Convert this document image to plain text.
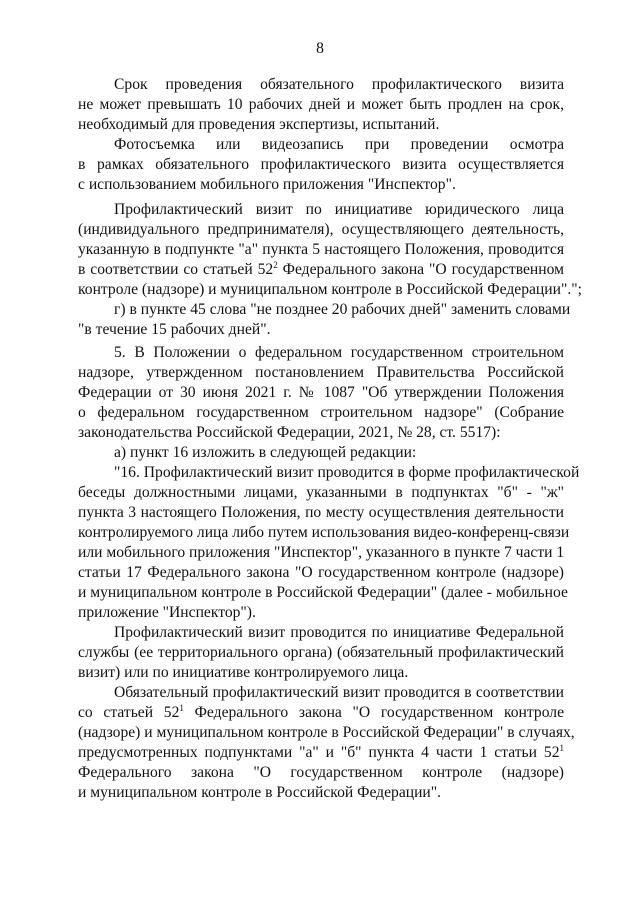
8
Срок проведения обязательного профилактического визита
не может превышать 10 рабочих дней и может быть продлен на срок,
необходимый для проведения экспертизы, испытаний.
Фотосъемка или видеозапись при проведении осмотра
в рамках обязательного профилактического визита осуществляется
с использованием мобильного приложения "Инспектор".
Профилактический визит по инициативе юридического лица
(индивидуального предпринимателя), осуществляющего деятельность,
указанную в подпункте "а" пункта 5 настоящего Положения, проводится
в соответствии со статьей $52^2$ Федерального закона "О государственном
контроле (надзоре) и муниципальном контроле в Российской Федерации".";
г) в пункте 45 слова "не позднее 20 рабочих дней" заменить словами
"в течение 15 рабочих дней".
5. В Положении о федеральном государственном строительном
надзоре, утвержденном постановлением Правительства Российской
Федерации от 30 июня 2021 г. № 1087 "Об утверждении Положения
о федеральном государственном строительном надзоре" (Собрание
законодательства Российской Федерации, 2021, № 28, ст. 5517):
а) пункт 16 изложить в следующей редакции:
"16. Профилактический визит проводится в форме профилактической
беседы должностными лицами, указанными в подпунктах "б" - "ж"
пункта 3 настоящего Положения, по месту осуществления деятельности
контролируемого лица либо путем использования видео-конференц-связи
или мобильного приложения "Инспектор", указанного в пункте 7 части 1
статьи 17 Федерального закона "О государственном контроле (надзоре)
и муниципальном контроле в Российской Федерации" (далее - мобильное
приложение "Инспектор").
Профилактический визит проводится по инициативе Федеральной
службы (ее территориального органа) (обязательный профилактический
визит) или по инициативе контролируемого лица.
Обязательный профилактический визит проводится в соответствии
со статьей $52^1$ Федерального закона "О государственном контроле
(надзоре) и муниципальном контроле в Российской Федерации" в случаях,
предусмотренных подпунктами "а" и "б" пункта 4 части 1 статьи $52^1$
Федерального закона "О государственном контроле (надзоре)
и муниципальном контроле в Российской Федерации".
